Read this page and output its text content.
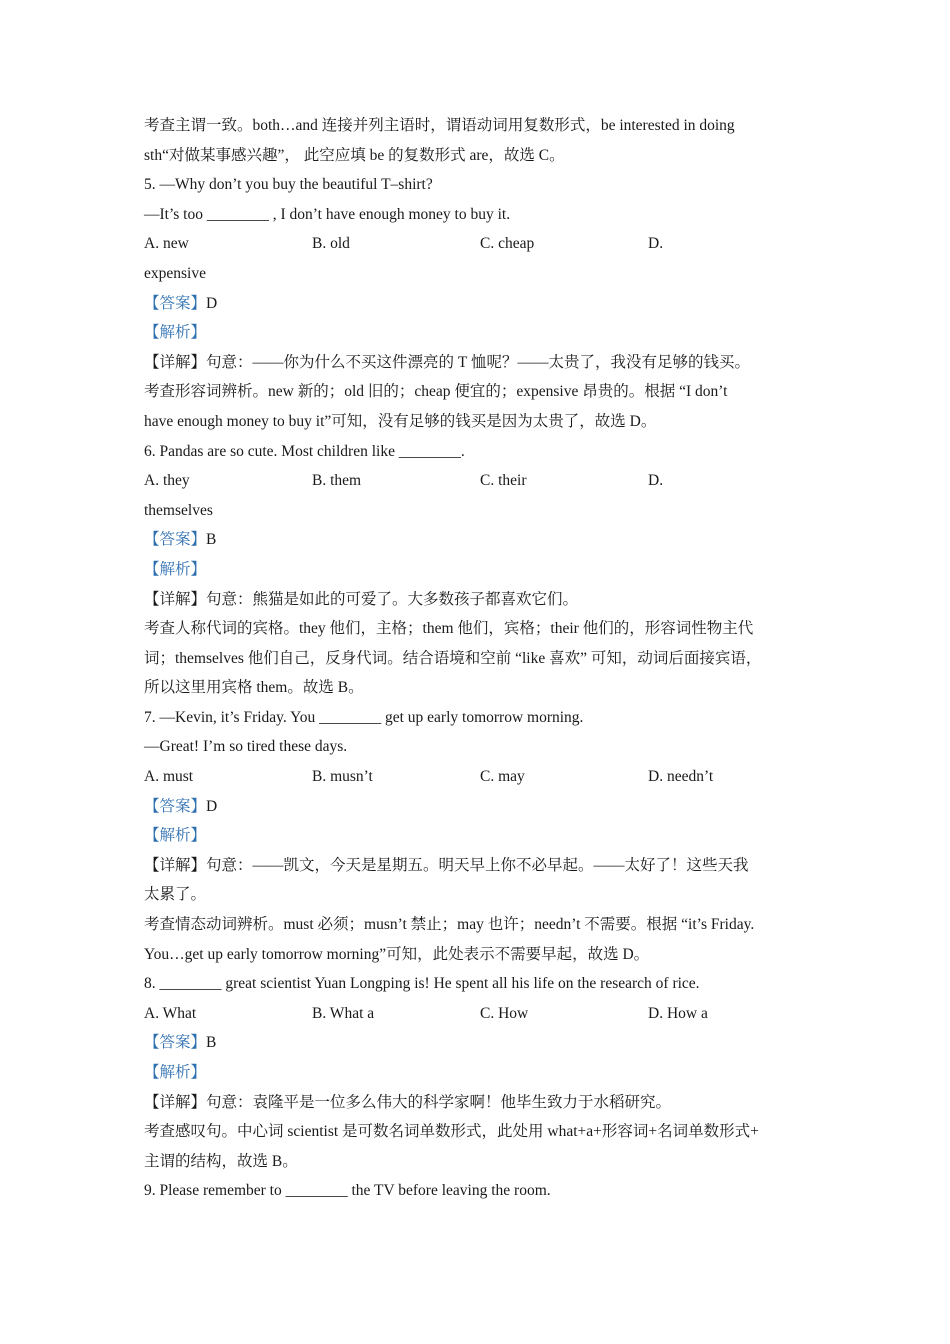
考查主谓一致。both…and 连接并列主语时，谓语动词用复数形式，be interested in doing
sth“对做某事感兴趣”， 此空应填 be 的复数形式 are，故选 C。
5. —Why don’t you buy the beautiful T–shirt?
—It’s too ________ , I don’t have enough money to buy it.
A. new	B. old	C. cheap	D.
expensive
【答案】D
【解析】
【详解】句意：——你为什么不买这件漂亮的 T 恤呢？——太贵了，我没有足够的钱买。
考查形容词辨析。new 新的；old 旧的；cheap 便宜的；expensive 昂贵的。根据 “I don’t
have enough money to buy it”可知，没有足够的钱买是因为太贵了，故选 D。
6. Pandas are so cute. Most children like ________.
A. they	B. them	C. their	D.
themselves
【答案】B
【解析】
【详解】句意：熊猫是如此的可爱了。大多数孩子都喜欢它们。
考查人称代词的宾格。they 他们，主格；them 他们，宾格；their 他们的，形容词性物主代
词；themselves 他们自己，反身代词。结合语境和空前 “like 喜欢” 可知，动词后面接宾语，
所以这里用宾格 them。故选 B。
7. —Kevin, it’s Friday. You ________ get up early tomorrow morning.
—Great! I’m so tired these days.
A. must	B. musn’t	C. may	D. needn’t
【答案】D
【解析】
【详解】句意：——凯文，今天是星期五。明天早上你不必早起。——太好了！这些天我
太累了。
考查情态动词辨析。must 必须；musn’t 禁止；may 也许；needn’t 不需要。根据 “it’s Friday.
You…get up early tomorrow morning”可知，此处表示不需要早起，故选 D。
8. ________ great scientist Yuan Longping is! He spent all his life on the research of rice.
A. What	B. What a	C. How	D. How a
【答案】B
【解析】
【详解】句意：袁隆平是一位多么伟大的科学家啊！他毕生致力于水稻研究。
考查感叹句。中心词 scientist 是可数名词单数形式，此处用 what+a+形容词+名词单数形式+
主谓的结构，故选 B。
9. Please remember to ________ the TV before leaving the room.
